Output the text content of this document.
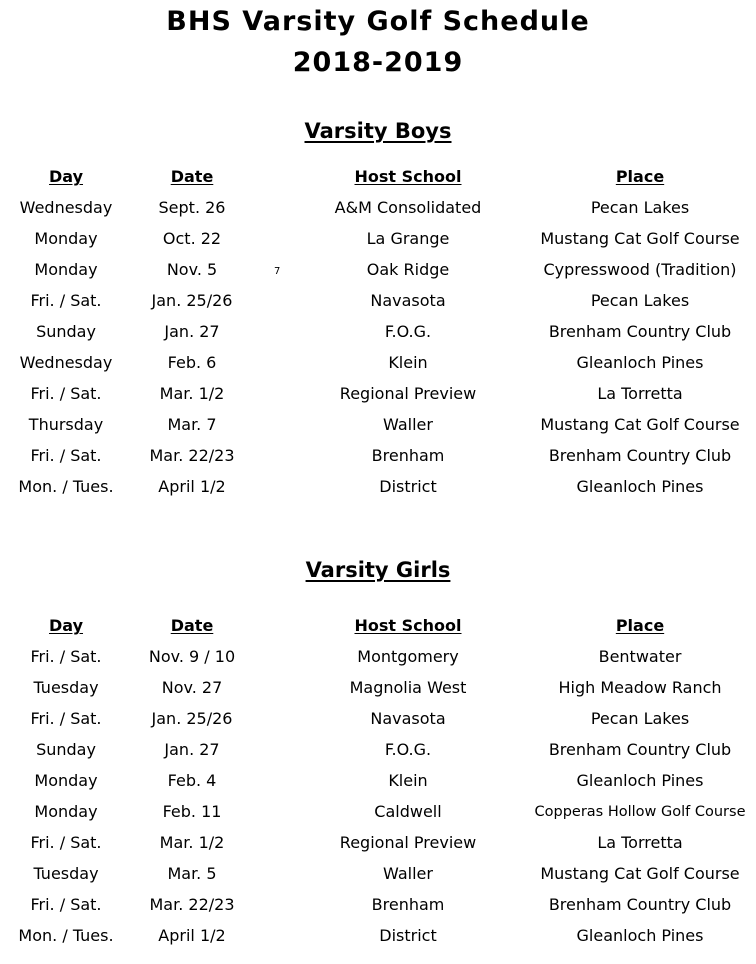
BHS Varsity Golf Schedule
2018-2019
Varsity Boys
Day	Date	Host School	Place
Wednesday	Sept. 26	A&M Consolidated	Pecan Lakes
Monday	Oct. 22	La Grange	Mustang Cat Golf Course
Monday	Nov. 5	Oak Ridge	Cypresswood (Tradition)
Fri. / Sat.	Jan. 25/26	Navasota	Pecan Lakes
Sunday	Jan. 27	F.O.G.	Brenham Country Club
Wednesday	Feb. 6	Klein	Gleanloch Pines
Fri. / Sat.	Mar. 1/2	Regional Preview	La Torretta
Thursday	Mar. 7	Waller	Mustang Cat Golf Course
Fri. / Sat.	Mar. 22/23	Brenham	Brenham Country Club
Mon. / Tues.	April 1/2	District	Gleanloch Pines
7
Varsity Girls
Day	Date	Host School	Place
Fri. / Sat.	Nov. 9 / 10	Montgomery	Bentwater
Tuesday	Nov. 27	Magnolia West	High Meadow Ranch
Fri. / Sat.	Jan. 25/26	Navasota	Pecan Lakes
Sunday	Jan. 27	F.O.G.	Brenham Country Club
Monday	Feb. 4	Klein	Gleanloch Pines
Monday	Feb. 11	Caldwell	Copperas Hollow Golf Course
Fri. / Sat.	Mar. 1/2	Regional Preview	La Torretta
Tuesday	Mar. 5	Waller	Mustang Cat Golf Course
Fri. / Sat.	Mar. 22/23	Brenham	Brenham Country Club
Mon. / Tues.	April 1/2	District	Gleanloch Pines
